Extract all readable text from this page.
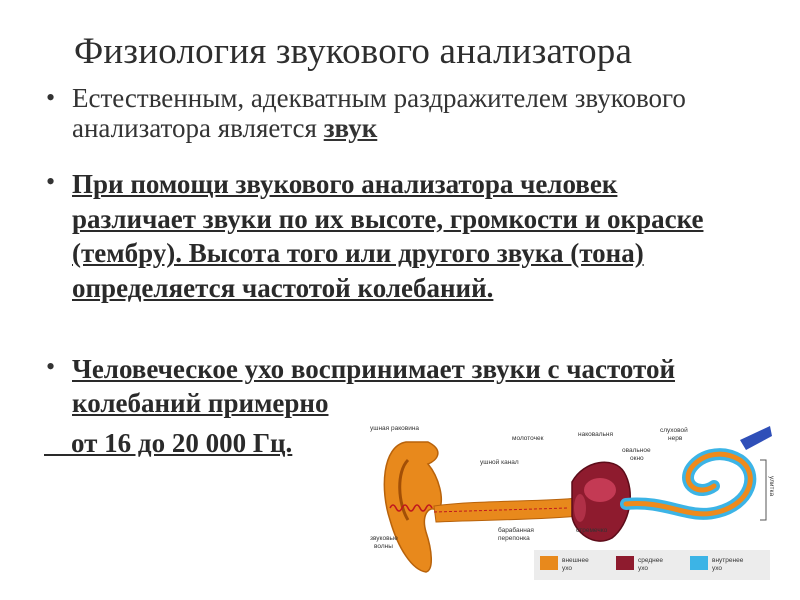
Физиология звукового анализатора
• Естественным, адекватным раздражителем звукового анализатора является звук
• При помощи звукового анализатора человек различает звуки по их высоте, громкости и окраске (тембру). Высота того или другого звука (тона) определяется частотой колебаний.
• Человеческое ухо воспринимает звуки с частотой колебаний примерно
от 16 до 20 000 Гц.	ушная раковина
молоточек
наковальня
овальное
окно
слуховой
нерв
ушной канал
барабанная
перепонка
стремечко
звуковые
волны
улитка
внешнее
ухо
среднее
ухо
внутренее
ухо
